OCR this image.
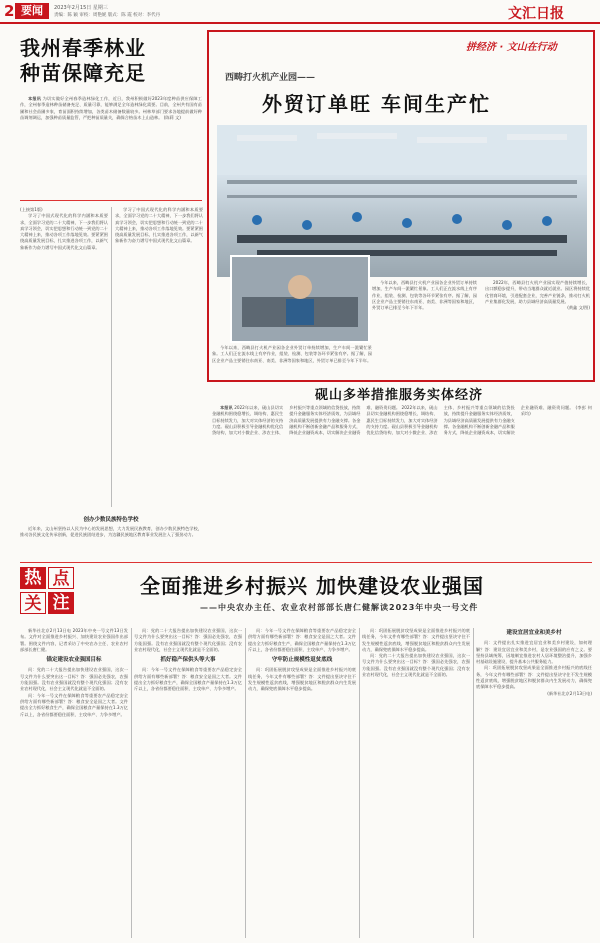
2 要闻	2023年2月15日 星期三
责编：陈 颖 审校：周艳妮 版式：陈 霞 校对：李代丹	文汇日报
我州春季林业
种苗保障充足

本报讯 为切实做好全州春季造林绿化工作，近日，我州积极做好2023年度种苗供应保障工作，全州春季造林种苗储备充足、质量可靠，能够满足全年造林绿化需要。目前，全州共有国有苗圃和社会苗圃多家，育苗面积持续增加，各类苗木储备数量较多。州林草部门要求各地提前做好种苗调剂调运，加强种苗质量监管，严把种苗质量关，确保合格苗木上山造林。 (陈莉 文)

(上接第1版)

学习了中国式现代化的科学内涵和本质要求，全面学习党的二十大精神，下一步我们将认真学习领会，切实把思想和行动统一到党的二十大精神上来，推动各项工作落地见效。要紧紧围绕高质量发展目标，扎实推进各项工作，以新气象新作为奋力谱写中国式现代化文山篇章。

学习了中国式现代化的科学内涵和本质要求，全面学习党的二十大精神，下一步我们将认真学习领会，切实把思想和行动统一到党的二十大精神上来，推动各项工作落地见效。要紧紧围绕高质量发展目标，扎实推进各项工作，以新气象新作为奋力谱写中国式现代化文山篇章。

创办少数民族特色学校

近年来，文山州坚持以人民为中心的发展思想，大力发展民族教育，创办少数民族特色学校，推动各民族文化传承创新，促进民族团结进步，为边疆民族地区教育事业发展注入了强劲动力。

拼经济 · 文山在行动
西畴打火机产业园——
外贸订单旺 车间生产忙

今年以来，西畴县打火机产业园各企业外贸订单持续增加，生产车间一派繁忙景象。工人们正在流水线上有序作业，组装、检测、包装等各环节紧张有序。据了解，园区企业产品主要销往东南亚、南美、非洲等国家和地区，外贸订单已排至今年下半年。

2022年，西畴县打火机产业园实现产值持续增长，出口额稳步提升，带动当地群众就近就业。园区将持续优化营商环境，引进配套企业，完善产业链条，推动打火机产业集群化发展，助力县域经济高质量发展。

(黄鑫 文/图)

今年以来，西畴县打火机产业园各企业外贸订单持续增加，生产车间一派繁忙景象。工人们正在流水线上有序作业，组装、检测、包装等各环节紧张有序。据了解，园区企业产品主要销往东南亚、南美、非洲等国家和地区，外贸订单已排至今年下半年。

砚山多举措推服务实体经济

本报讯 2022年以来，砚山县切实金融机构围绕稳增长、调结构、惠民生目标持续发力，加大对实体经济的支持力度。砚山县积极引导金融机构优化信贷结构，加大对小微企业、涉农主体、乡村振兴等重点领域的信贷投放，持续提升金融服务实体经济质效，为县域经济高质量发展提供有力金融支撑。各金融机构不断创新金融产品和服务方式，降低企业融资成本，切实解决企业融资难、融资贵问题。 2022年以来，砚山县切实金融机构围绕稳增长、调结构、惠民生目标持续发力，加大对实体经济的支持力度。砚山县积极引导金融机构优化信贷结构，加大对小微企业、涉农主体、乡村振兴等重点领域的信贷投放，持续提升金融服务实体经济质效，为县域经济高质量发展提供有力金融支撑。各金融机构不断创新金融产品和服务方式，降低企业融资成本，切实解决企业融资难、融资贵问题。 (李彭 何采均)

热 点
关 注
全面推进乡村振兴 加快建设农业强国
——中央农办主任、农业农村部部长唐仁健解读2023年中央一号文件

新华社北京2月13日电 2023年中央一号文件13日发布。文件对全面推进乡村振兴、加快建设农业强国作出部署。围绕文件内容，记者采访了中央农办主任、农业农村部部长唐仁健。

锚定建设农业强国目标

问：党的二十大报告提出加快建设农业强国，这次一号文件为什么要突出这一目标？答：强国必先强农，农强方能国强。没有农业强国就没有整个现代化强国；没有农业农村现代化，社会主义现代化就是不全面的。

问：今年一号文件在保障粮食等重要农产品稳定安全供给方面有哪些新部署？答：粮食安全是国之大者。文件提出全力抓好粮食生产，确保全国粮食产量保持在1.3万亿斤以上，各省份都要稳住面积、主攻单产、力争多增产。

问：党的二十大报告提出加快建设农业强国，这次一号文件为什么要突出这一目标？答：强国必先强农，农强方能国强。没有农业强国就没有整个现代化强国；没有农业农村现代化，社会主义现代化就是不全面的。

抓好稳产保供头等大事

问：今年一号文件在保障粮食等重要农产品稳定安全供给方面有哪些新部署？答：粮食安全是国之大者。文件提出全力抓好粮食生产，确保全国粮食产量保持在1.3万亿斤以上，各省份都要稳住面积、主攻单产、力争多增产。

问：今年一号文件在保障粮食等重要农产品稳定安全供给方面有哪些新部署？答：粮食安全是国之大者。文件提出全力抓好粮食生产，确保全国粮食产量保持在1.3万亿斤以上，各省份都要稳住面积、主攻单产、力争多增产。

守牢防止规模性返贫底线

问：巩固拓展脱贫攻坚成果是全面推进乡村振兴的底线任务，今年文件有哪些部署？答：文件提出坚决守住不发生规模性返贫底线，增强脱贫地区和脱贫群众内生发展动力，确保兜底保障水平稳步提高。

问：巩固拓展脱贫攻坚成果是全面推进乡村振兴的底线任务，今年文件有哪些部署？答：文件提出坚决守住不发生规模性返贫底线，增强脱贫地区和脱贫群众内生发展动力，确保兜底保障水平稳步提高。

问：党的二十大报告提出加快建设农业强国，这次一号文件为什么要突出这一目标？答：强国必先强农，农强方能国强。没有农业强国就没有整个现代化强国；没有农业农村现代化，社会主义现代化就是不全面的。

建设宜居宜业和美乡村

问：文件提出扎实推进宜居宜业和美乡村建设，如何理解？答：建设宜居宜业和美乡村，是农业强国的应有之义。要坚持县域统筹，因地制宜推进农村人居环境整治提升，加强乡村基础设施建设，提升基本公共服务能力。

问：巩固拓展脱贫攻坚成果是全面推进乡村振兴的底线任务，今年文件有哪些部署？答：文件提出坚决守住不发生规模性返贫底线，增强脱贫地区和脱贫群众内生发展动力，确保兜底保障水平稳步提高。

(新华社北京2月13日电)
